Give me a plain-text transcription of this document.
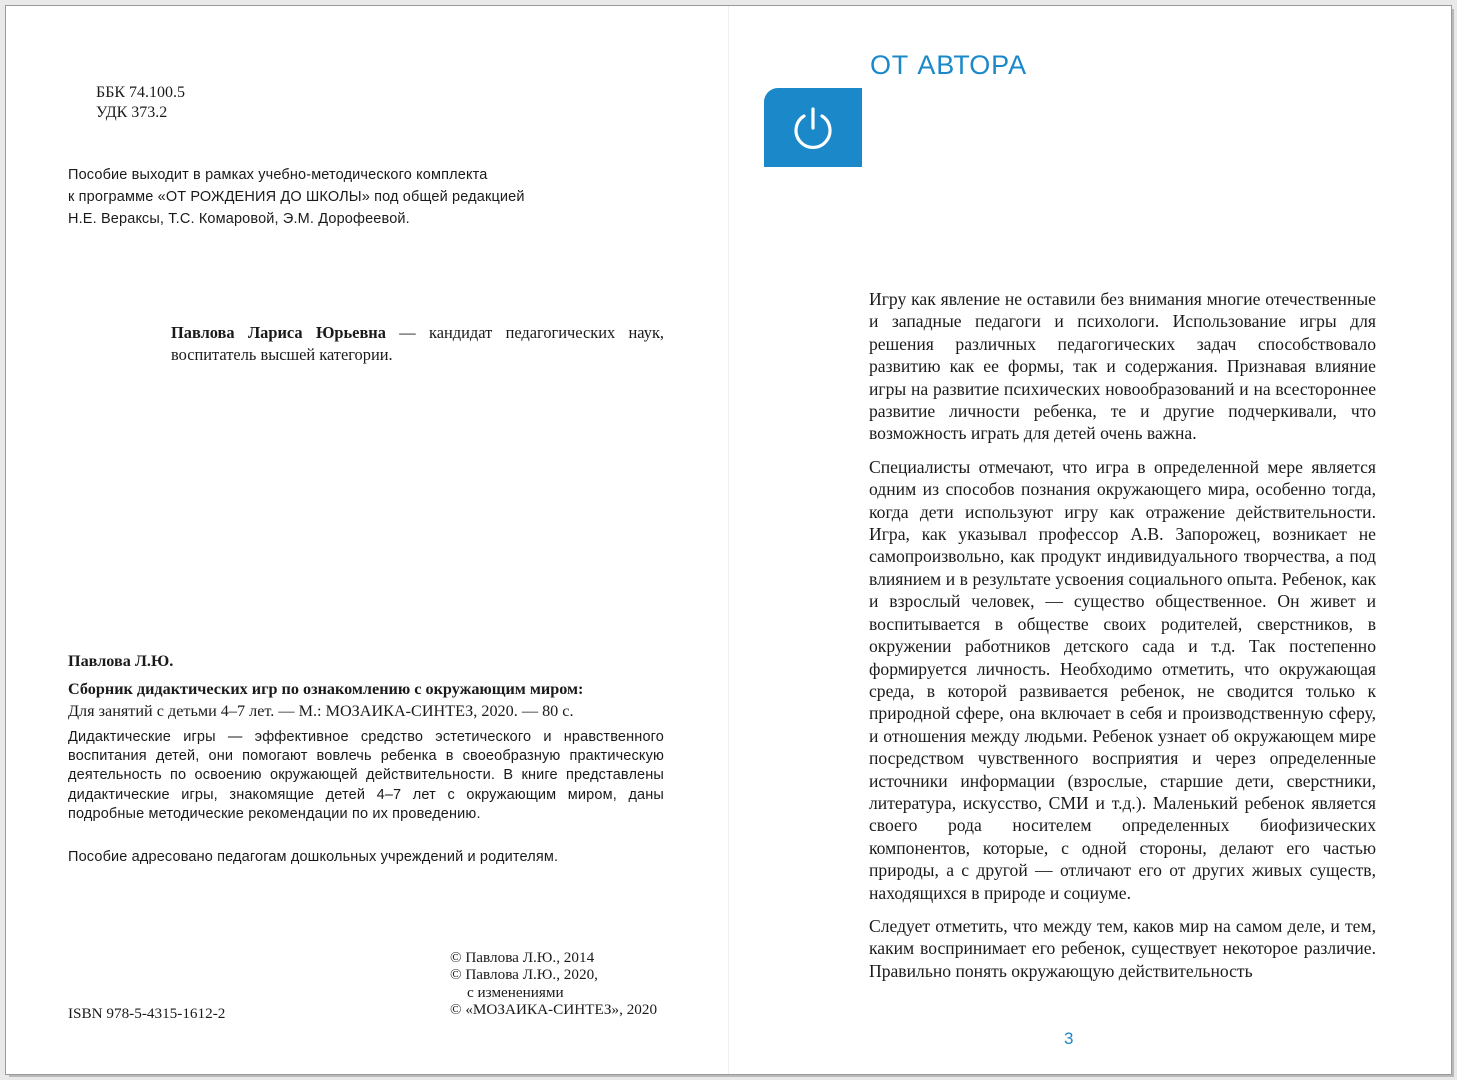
ББК 74.100.5
УДК 373.2
Пособие выходит в рамках учебно-методического комплекта
к программе «ОТ РОЖДЕНИЯ ДО ШКОЛЫ» под общей редакцией
Н.Е. Веракcы, Т.С. Комаровой, Э.М. Дорофеевой.
Павлова Лариса Юрьевна — кандидат педагогических наук, воспитатель высшей категории.
Павлова Л.Ю.
Сборник дидактических игр по ознакомлению с окружающим миром:
Для занятий с детьми 4–7 лет. — М.: МОЗАИКА-СИНТЕЗ, 2020. — 80 с.

Дидактические игры — эффективное средство эстетического и нравственного воспитания детей, они помогают вовлечь ребенка в своеобразную практическую деятельность по освоению окружающей действительности. В книге представлены дидактические игры, знакомящие детей 4–7 лет с окружающим миром, даны подробные методические рекомендации по их проведению.

Пособие адресовано педагогам дошкольных учреждений и родителям.
© Павлова Л.Ю., 2014
© Павлова Л.Ю., 2020,
с изменениями
© «МОЗАИКА-СИНТЕЗ», 2020
ISBN 978-5-4315-1612-2
ОТ АВТОРА

Игру как явление не оставили без внимания многие отечественные и западные педагоги и психологи. Использование игры для решения различных педагогических задач способствовало развитию как ее формы, так и содержания. Признавая влияние игры на развитие психических новообразований и на всестороннее развитие личности ребенка, те и другие подчеркивали, что возможность играть для детей очень важна.

Специалисты отмечают, что игра в определенной мере является одним из способов познания окружающего мира, особенно тогда, когда дети используют игру как отражение действительности. Игра, как указывал профессор А.В. Запорожец, возникает не самопроизвольно, как продукт индивидуального творчества, а под влиянием и в результате усвоения социального опыта. Ребенок, как и взрослый человек, — существо общественное. Он живет и воспитывается в обществе своих родителей, сверстников, в окружении работников детского сада и т.д. Так постепенно формируется личность. Необходимо отметить, что окружающая среда, в которой развивается ребенок, не сводится только к природной сфере, она включает в себя и производственную сферу, и отношения между людьми. Ребенок узнает об окружающем мире посредством чувственного восприятия и через определенные источники информации (взрослые, старшие дети, сверстники, литература, искусство, СМИ и т.д.). Маленький ребенок является своего рода носителем определенных биофизических компонентов, которые, с одной стороны, делают его частью природы, а с другой — отличают его от других живых существ, находящихся в природе и социуме.

Следует отметить, что между тем, каков мир на самом деле, и тем, каким воспринимает его ребенок, существует некоторое различие. Правильно понять окружающую действительность

3
